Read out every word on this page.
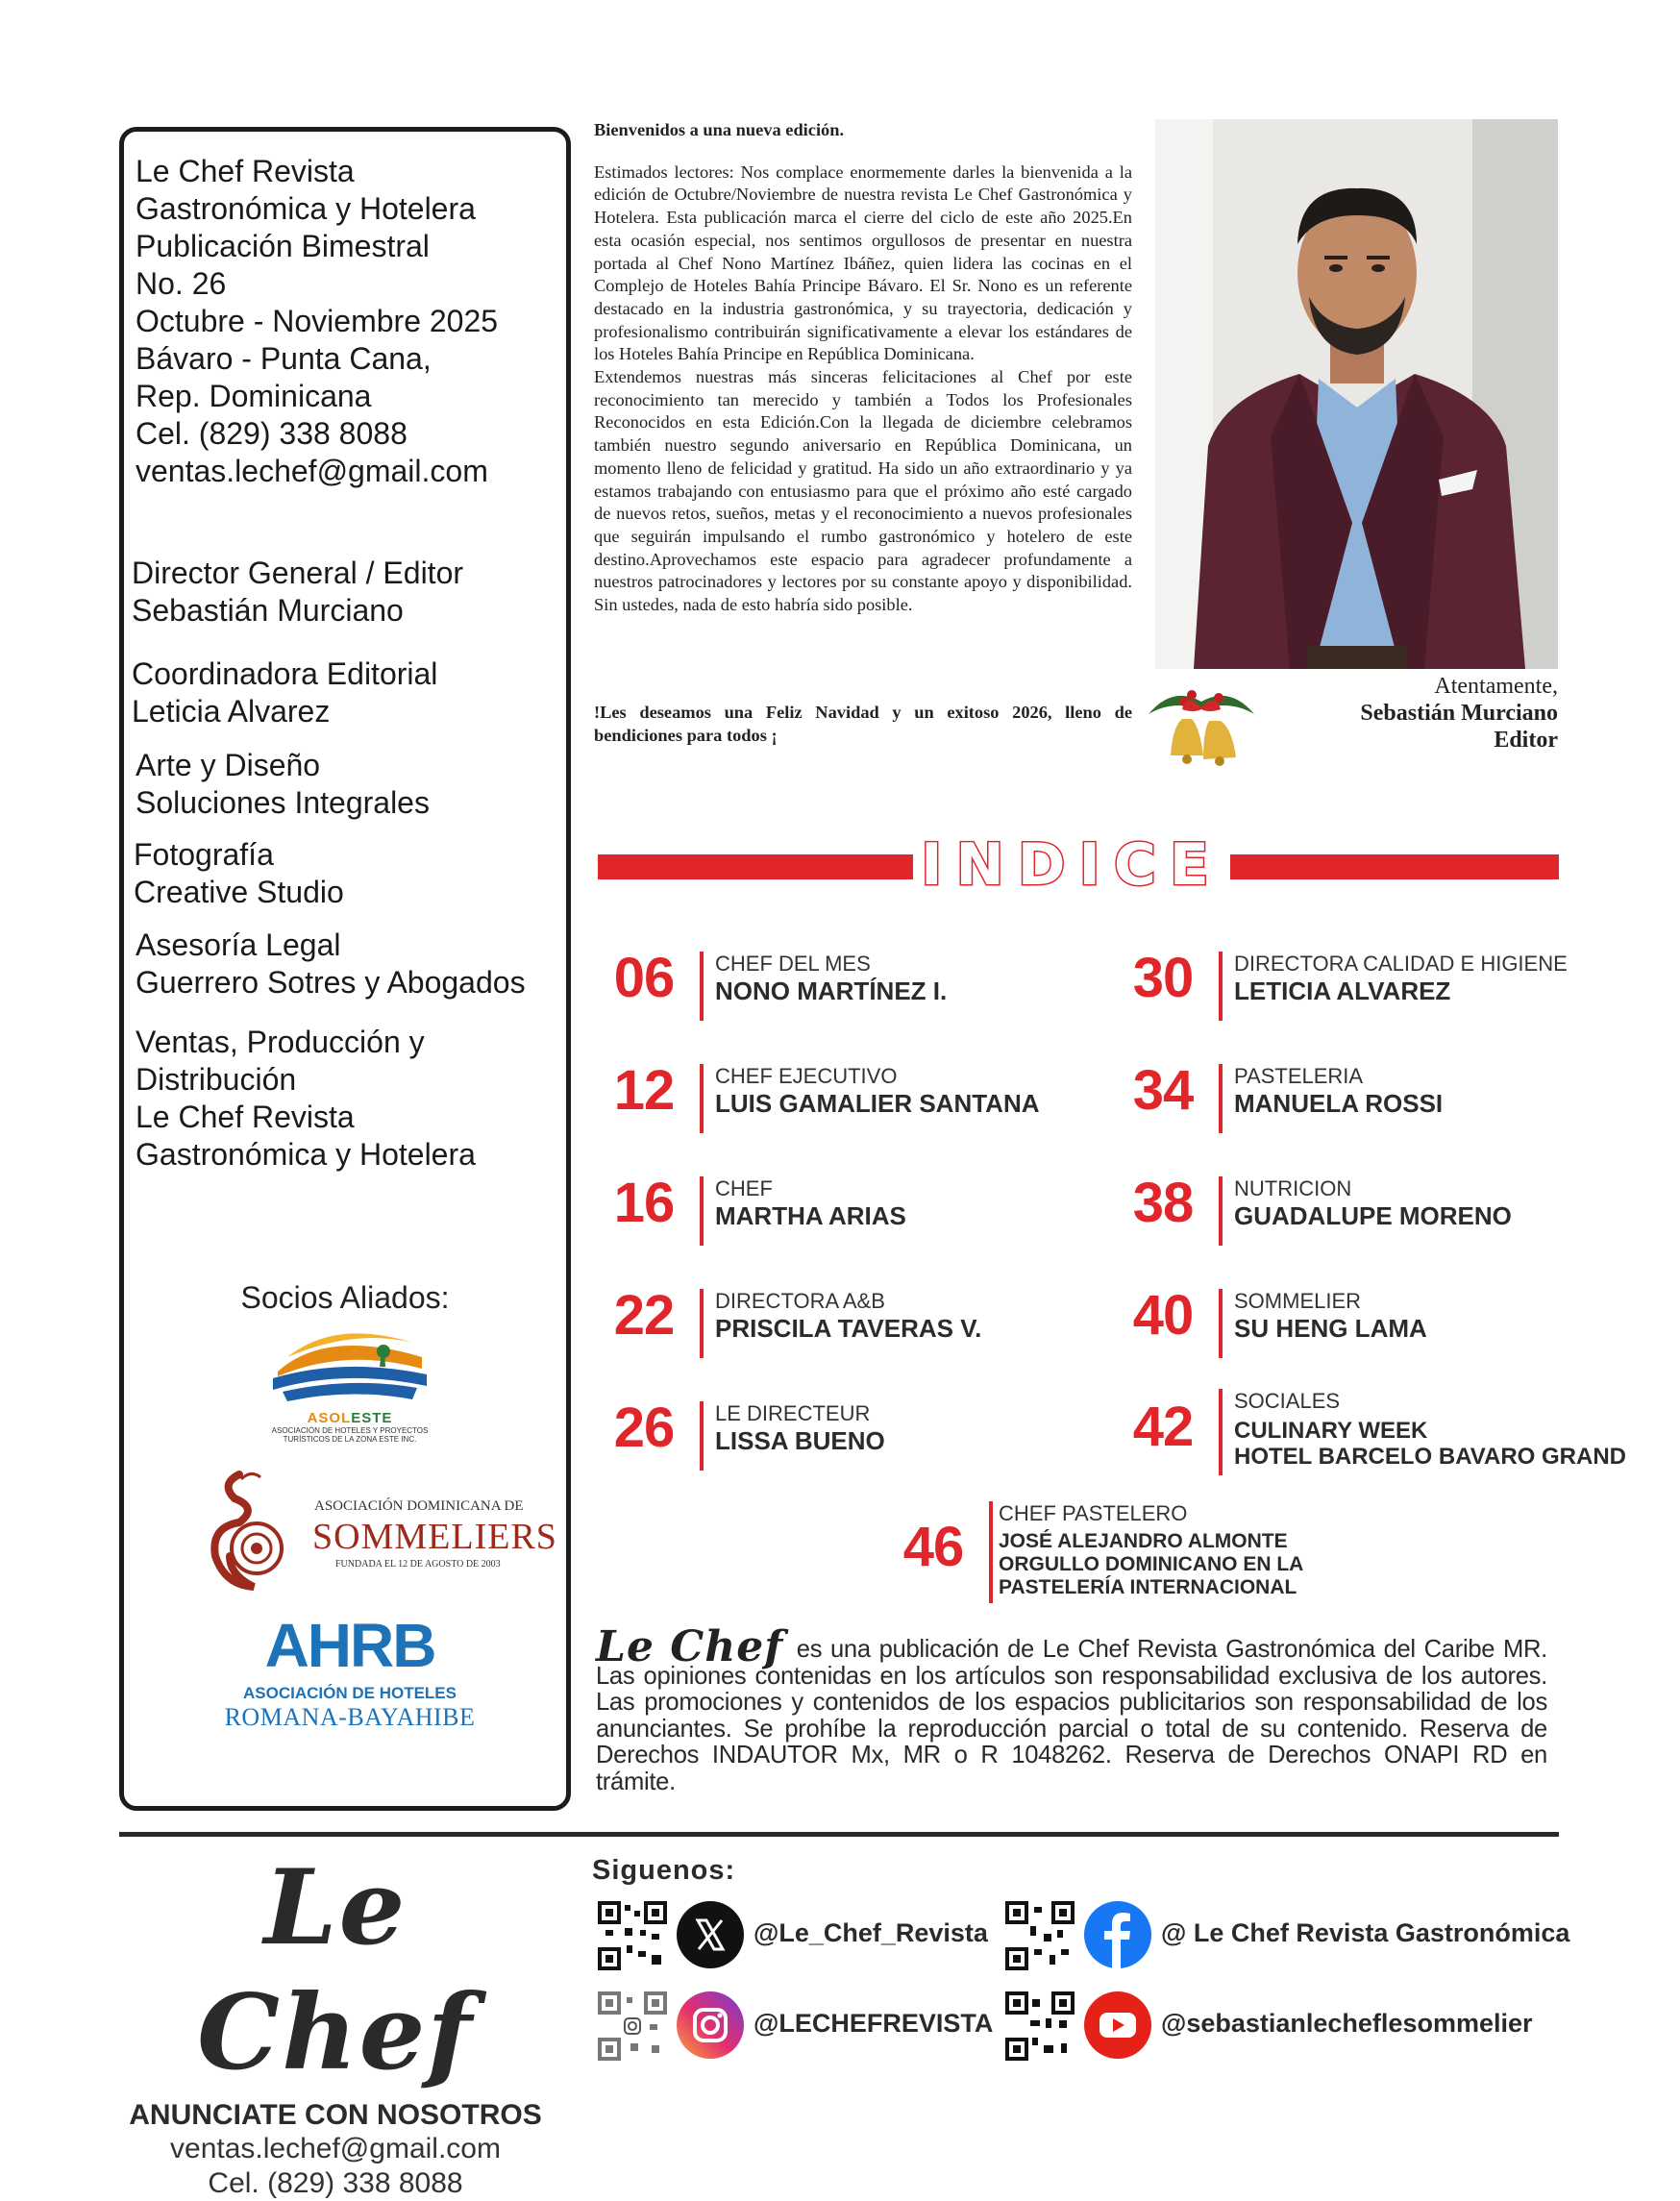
Le Chef Revista
Gastronómica y Hotelera
Publicación Bimestral
No. 26
Octubre - Noviembre 2025
Bávaro - Punta Cana,
Rep. Dominicana
Cel. (829) 338 8088
ventas.lechef@gmail.com
Director General / Editor
Sebastián Murciano
Coordinadora Editorial
Leticia Alvarez
Arte y Diseño
Soluciones Integrales
Fotografía
Creative Studio
Asesoría Legal
Guerrero Sotres y Abogados
Ventas, Producción y
Distribución
Le Chef Revista
Gastronómica y Hotelera
Socios Aliados:
ASOLESTE
ASOCIACIÓN DE HOTELES Y PROYECTOS TURÍSTICOS DE LA ZONA ESTE INC.
ASOCIACIÓN DOMINICANA DE
SOMMELIERS
FUNDADA EL 12 DE AGOSTO DE 2003
AHRB
ASOCIACIÓN DE HOTELES
ROMANA-BAYAHIBE
Bienvenidos a una nueva edición.

Estimados lectores: Nos complace enormemente darles la bienvenida a la edición de Octubre/Noviembre de nuestra revista Le Chef Gastronómica y Hotelera. Esta publicación marca el cierre del ciclo de este año 2025.En esta ocasión especial, nos sentimos orgullosos de presentar en nuestra portada al Chef Nono Martínez Ibáñez, quien lidera las cocinas en el Complejo de Hoteles Bahía Principe Bávaro. El Sr. Nono es un referente destacado en la industria gastronómica, y su trayectoria, dedicación y profesionalismo contribuirán significativamente a elevar los estándares de los Hoteles Bahía Principe en República Dominicana.

Extendemos nuestras más sinceras felicitaciones al Chef por este reconocimiento tan merecido y también a Todos los Profesionales Reconocidos en esta Edición.Con la llegada de diciembre celebramos también nuestro segundo aniversario en República Dominicana, un momento lleno de felicidad y gratitud. Ha sido un año extraordinario y ya estamos trabajando con entusiasmo para que el próximo año esté cargado de nuevos retos, sueños, metas y el reconocimiento a nuevos profesionales que seguirán impulsando el rumbo gastronómico y hotelero de este destino.Aprovechamos este espacio para agradecer profundamente a nuestros patrocinadores y lectores por su constante apoyo y disponibilidad. Sin ustedes, nada de esto habría sido posible.

!Les deseamos una Feliz Navidad y un exitoso 2026, lleno de bendiciones para todos ¡

Atentamente,
Sebastián Murciano
Editor
INDICE
06	CHEF DEL MES
NONO MARTÍNEZ I.
12	CHEF EJECUTIVO
LUIS GAMALIER SANTANA
16	CHEF
MARTHA ARIAS
22	DIRECTORA A&B
PRISCILA TAVERAS V.
26	LE DIRECTEUR
LISSA BUENO
30	DIRECTORA CALIDAD E HIGIENE
LETICIA ALVAREZ
34	PASTELERIA
MANUELA ROSSI
38	NUTRICION
GUADALUPE MORENO
40	SOMMELIER
SU HENG LAMA
42	SOCIALES
CULINARY WEEK
HOTEL BARCELO BAVARO GRAND
46
CHEF PASTELERO
JOSÉ ALEJANDRO ALMONTE
ORGULLO DOMINICANO EN LA
PASTELERÍA INTERNACIONAL
Le Chef es una publicación de Le Chef Revista Gastronómica del Caribe MR. Las opiniones contenidas en los artículos son responsabilidad exclusiva de los autores. Las promociones y contenidos de los espacios publicitarios son responsabilidad de los anunciantes. Se prohíbe la reproducción parcial o total de su contenido. Reserva de Derechos INDAUTOR Mx, MR o R 1048262. Reserva de Derechos ONAPI RD en trámite.
Le Chef
ANUNCIATE CON NOSOTROS
ventas.lechef@gmail.com
Cel. (829) 338 8088
Siguenos:
@Le_Chef_Revista	@ Le Chef Revista Gastronómica
@LECHEFREVISTA	@sebastianlecheflesommelier
